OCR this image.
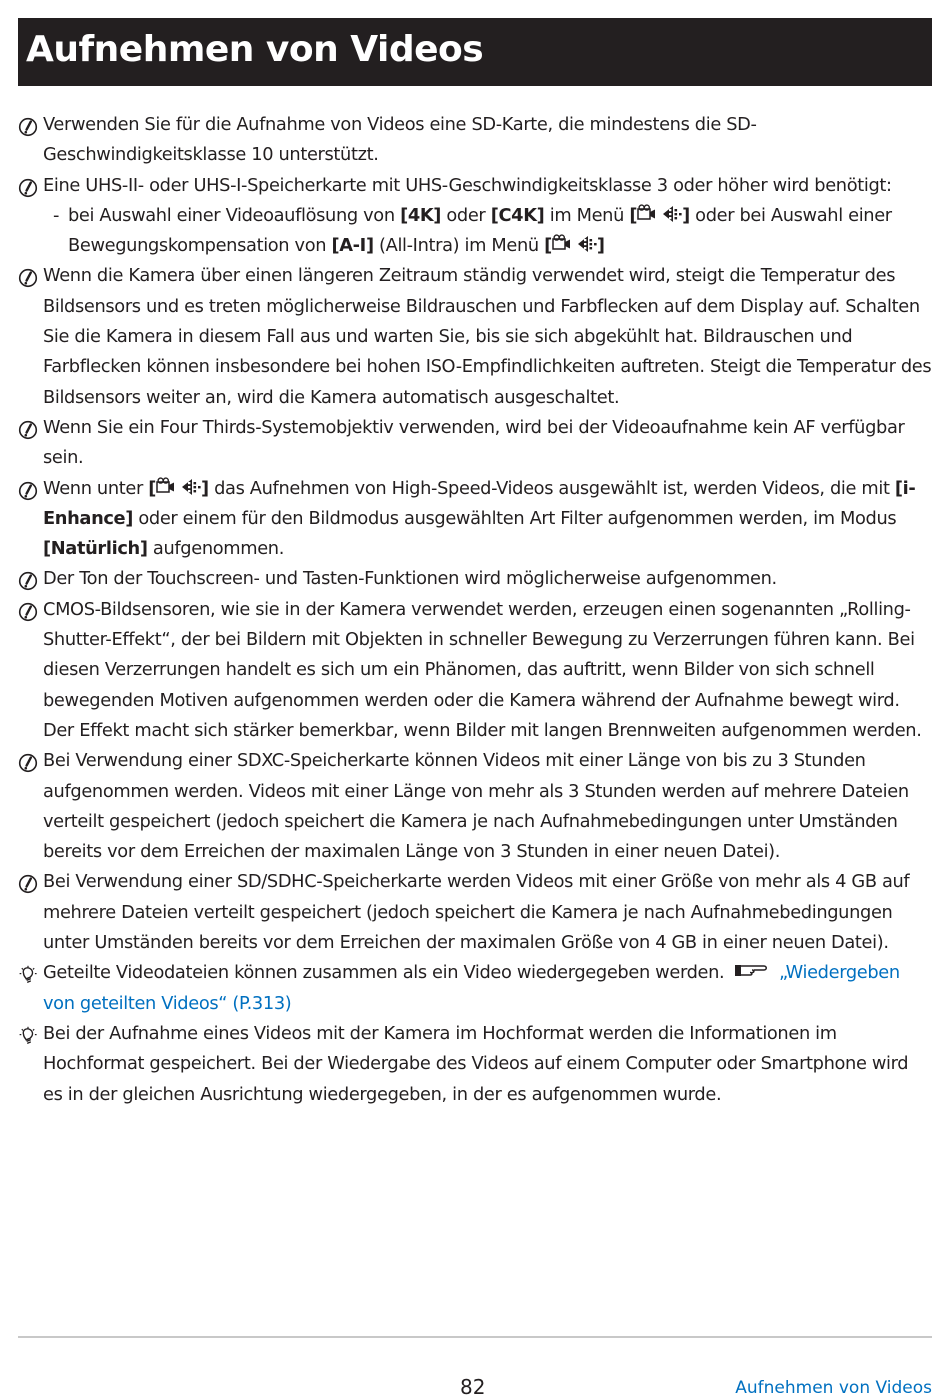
Aufnehmen von Videos
Verwenden Sie für die Aufnahme von Videos eine SD-Karte, die mindestens die SD-Geschwindigkeitsklasse 10 unterstützt.
Eine UHS-II- oder UHS-I-Speicherkarte mit UHS-Geschwindigkeitsklasse 3 oder höher wird benötigt:
- bei Auswahl einer Videoauflösung von [4K] oder [C4K] im Menü [	] oder bei Auswahl einer Bewegungskompensation von [A-I] (All-Intra) im Menü [	]
Wenn die Kamera über einen längeren Zeitraum ständig verwendet wird, steigt die Temperatur des Bildsensors und es treten möglicherweise Bildrauschen und Farbflecken auf dem Display auf. Schalten Sie die Kamera in diesem Fall aus und warten Sie, bis sie sich abgekühlt hat. Bildrauschen und Farbflecken können insbesondere bei hohen ISO-Empfindlichkeiten auftreten. Steigt die Temperatur des Bildsensors weiter an, wird die Kamera automatisch ausgeschaltet.
Wenn Sie ein Four Thirds-Systemobjektiv verwenden, wird bei der Videoaufnahme kein AF verfügbar sein.
Wenn unter [	] das Aufnehmen von High-Speed-Videos ausgewählt ist, werden Videos, die mit [i-Enhance] oder einem für den Bildmodus ausgewählten Art Filter aufgenommen werden, im Modus [Natürlich] aufgenommen.
Der Ton der Touchscreen- und Tasten-Funktionen wird möglicherweise aufgenommen.
CMOS-Bildsensoren, wie sie in der Kamera verwendet werden, erzeugen einen sogenannten „Rolling-Shutter-Effekt“, der bei Bildern mit Objekten in schneller Bewegung zu Verzerrungen führen kann. Bei diesen Verzerrungen handelt es sich um ein Phänomen, das auftritt, wenn Bilder von sich schnell bewegenden Motiven aufgenommen werden oder die Kamera während der Aufnahme bewegt wird. Der Effekt macht sich stärker bemerkbar, wenn Bilder mit langen Brennweiten aufgenommen werden.
Bei Verwendung einer SDXC-Speicherkarte können Videos mit einer Länge von bis zu 3 Stunden aufgenommen werden. Videos mit einer Länge von mehr als 3 Stunden werden auf mehrere Dateien verteilt gespeichert (jedoch speichert die Kamera je nach Aufnahmebedingungen unter Umständen bereits vor dem Erreichen der maximalen Länge von 3 Stunden in einer neuen Datei).
Bei Verwendung einer SD/SDHC-Speicherkarte werden Videos mit einer Größe von mehr als 4 GB auf mehrere Dateien verteilt gespeichert (jedoch speichert die Kamera je nach Aufnahmebedingungen unter Umständen bereits vor dem Erreichen der maximalen Größe von 4 GB in einer neuen Datei).
Geteilte Videodateien können zusammen als ein Video wiedergegeben werden.	„Wiedergeben von geteilten Videos“ (P.313)
Bei der Aufnahme eines Videos mit der Kamera im Hochformat werden die Informationen im Hochformat gespeichert. Bei der Wiedergabe des Videos auf einem Computer oder Smartphone wird es in der gleichen Ausrichtung wiedergegeben, in der es aufgenommen wurde.
82	Aufnehmen von Videos
